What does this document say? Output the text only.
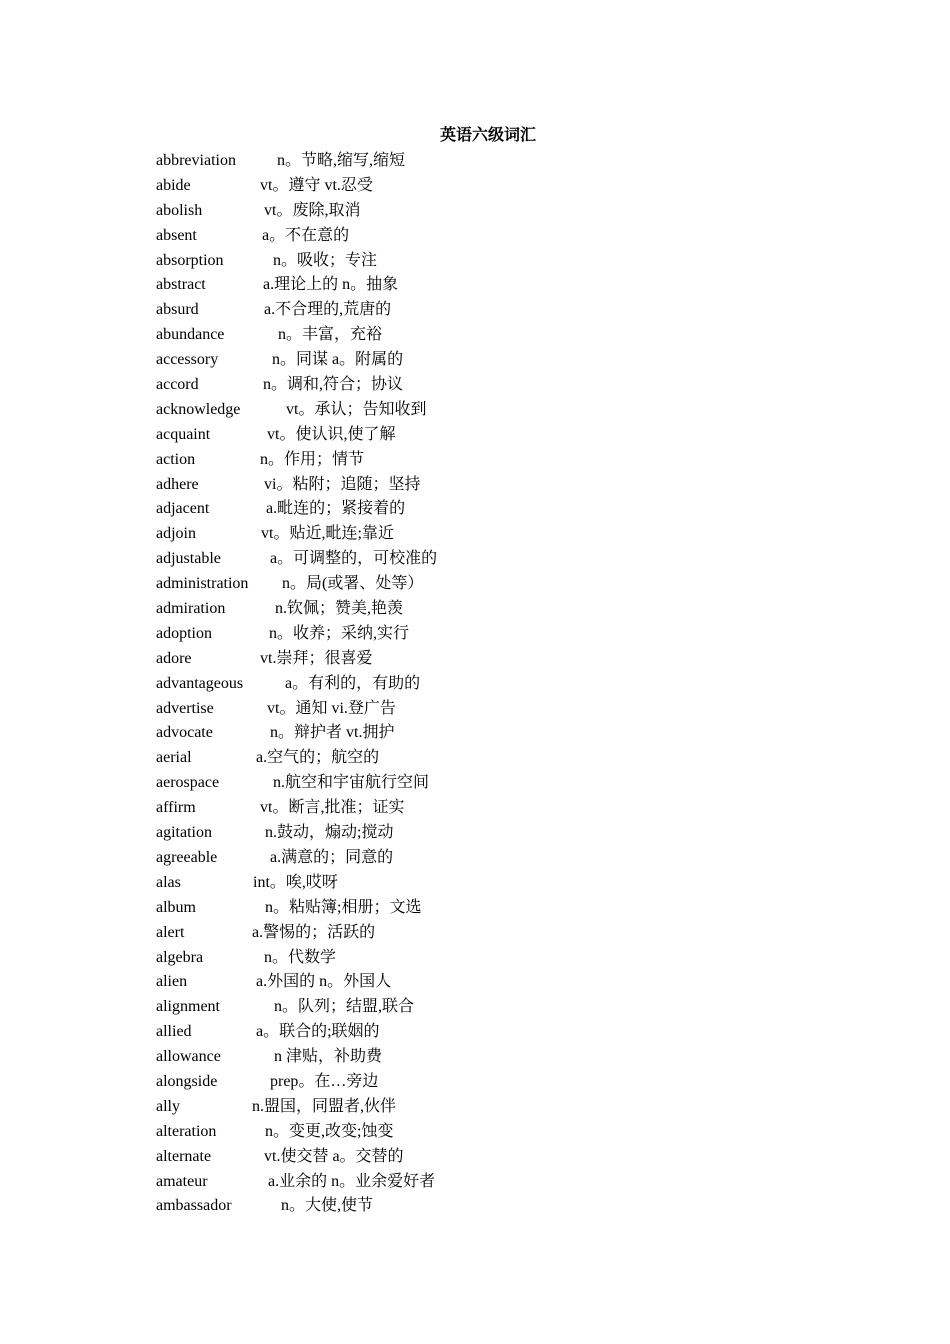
英语六级词汇
abbreviation	n。节略,缩写,缩短
abide	vt。遵守 vt.忍受
abolish	vt。废除,取消
absent	a。不在意的
absorption	n。吸收；专注
abstract	a.理论上的 n。抽象
absurd	a.不合理的,荒唐的
abundance	n。丰富，充裕
accessory	n。同谋 a。附属的
accord	n。调和,符合；协议
acknowledge	vt。承认；告知收到
acquaint	vt。使认识,使了解
action	n。作用；情节
adhere	vi。粘附；追随；坚持
adjacent	a.毗连的；紧接着的
adjoin	vt。贴近,毗连;靠近
adjustable	a。可调整的，可校准的
administration n。局(或署、处等）
admiration	n.钦佩；赞美,艳羡
adoption	n。收养；采纳,实行
adore	vt.崇拜；很喜爱
advantageous	a。有利的，有助的
advertise	vt。通知 vi.登广告
advocate	n。辩护者 vt.拥护
aerial	a.空气的；航空的
aerospace	n.航空和宇宙航行空间
affirm	vt。断言,批准；证实
agitation	n.鼓动，煽动;搅动
agreeable	a.满意的；同意的
alas	int。唉,哎呀
album	n。粘贴簿;相册；文选
alert	a.警惕的；活跃的
algebra	n。代数学
alien	a.外国的 n。外国人
alignment	n。队列；结盟,联合
allied	a。联合的;联姻的
allowance	n 津贴，补助费
alongside	prep。在…旁边
ally	n.盟国，同盟者,伙伴
alteration	n。变更,改变;蚀变
alternate	vt.使交替 a。交替的
amateur	a.业余的 n。业余爱好者
ambassador	n。大使,使节
